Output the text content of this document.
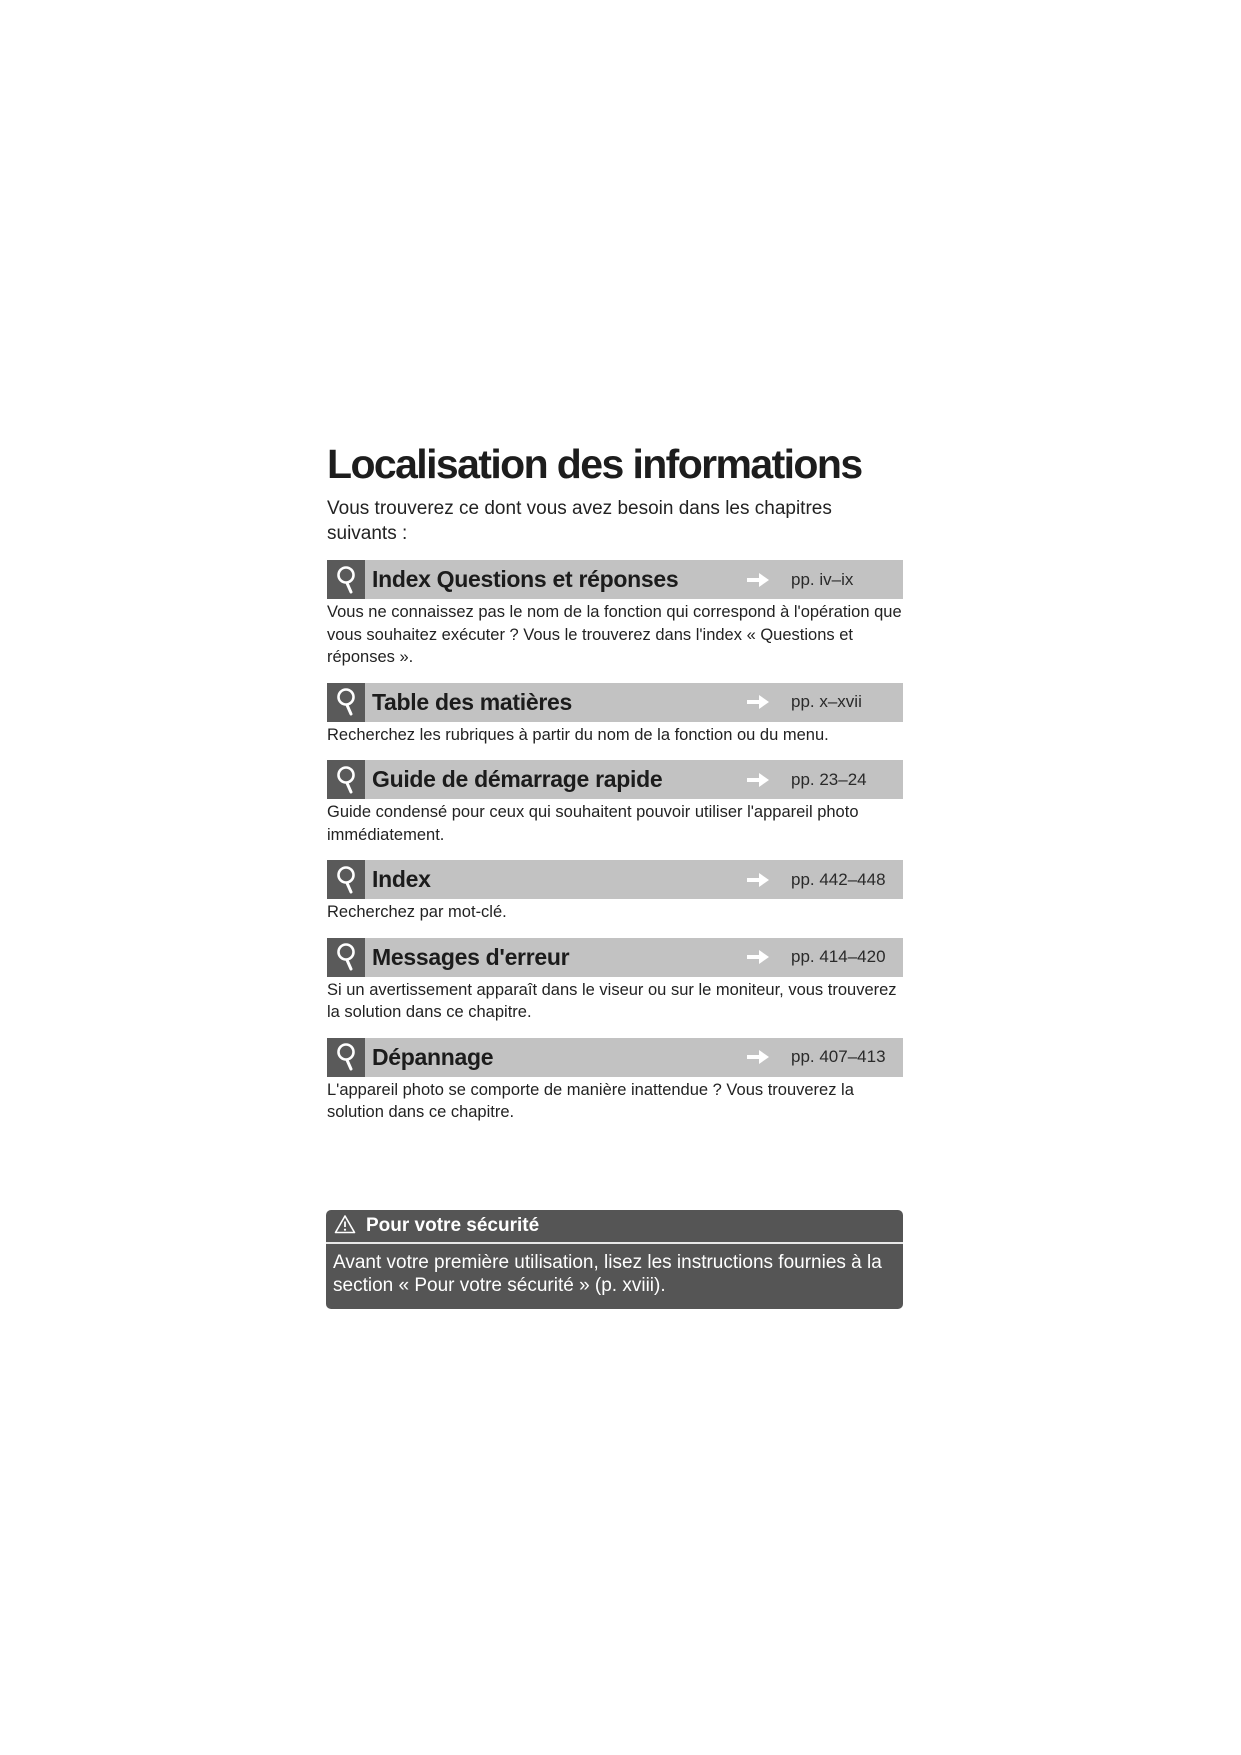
Localisation des informations
Vous trouverez ce dont vous avez besoin dans les chapitres suivants :
Index Questions et réponses	pp. iv–ix
Vous ne connaissez pas le nom de la fonction qui correspond à l'opération que vous souhaitez exécuter ? Vous le trouverez dans l'index « Questions et réponses ».
Table des matières	pp. x–xvii
Recherchez les rubriques à partir du nom de la fonction ou du menu.
Guide de démarrage rapide	pp. 23–24
Guide condensé pour ceux qui souhaitent pouvoir utiliser l'appareil photo immédiatement.
Index	pp. 442–448
Recherchez par mot-clé.
Messages d'erreur	pp. 414–420
Si un avertissement apparaît dans le viseur ou sur le moniteur, vous trouverez la solution dans ce chapitre.
Dépannage	pp. 407–413
L'appareil photo se comporte de manière inattendue ? Vous trouverez la solution dans ce chapitre.
Pour votre sécurité
Avant votre première utilisation, lisez les instructions fournies à la section « Pour votre sécurité » (p. xviii).
